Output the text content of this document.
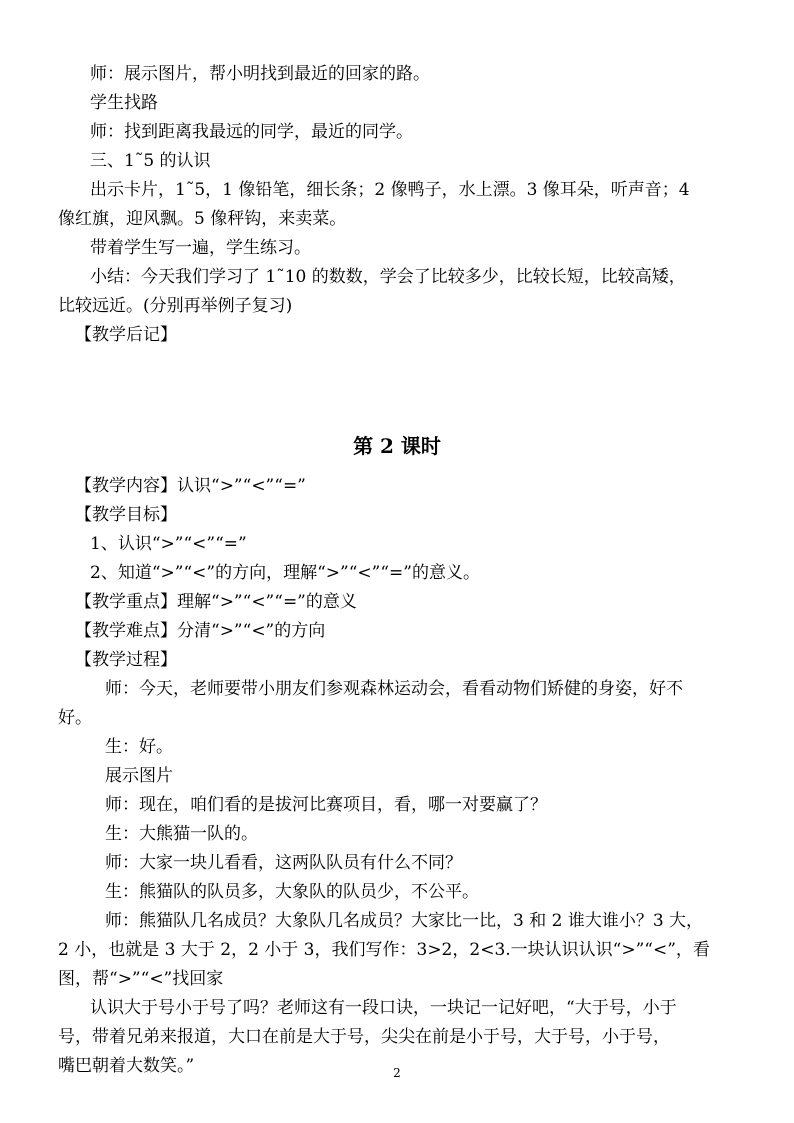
师：展示图片，帮小明找到最近的回家的路。
学生找路
师：找到距离我最远的同学，最近的同学。
三、1˜5 的认识
出示卡片，1˜5，1 像铅笔，细长条；2 像鸭子，水上漂。3 像耳朵，听声音；4
像红旗，迎风飘。5 像秤钩，来卖菜。
带着学生写一遍，学生练习。
小结：今天我们学习了 1˜10 的数数，学会了比较多少，比较长短，比较高矮，
比较远近。(分别再举例子复习)
【教学后记】
第 2 课时
【教学内容】认识“>”“<”“=”
【教学目标】
1、认识“>”“<”“=”
2、知道“>”“<”的方向，理解“>”“<”“=”的意义。
【教学重点】理解“>”“<”“=”的意义
【教学难点】分清“>”“<”的方向
【教学过程】
师：今天，老师要带小朋友们参观森林运动会，看看动物们矫健的身姿，好不
好。
生：好。
展示图片
师：现在，咱们看的是拔河比赛项目，看，哪一对要赢了？
生：大熊猫一队的。
师：大家一块儿看看，这两队队员有什么不同？
生：熊猫队的队员多，大象队的队员少，不公平。
师：熊猫队几名成员？大象队几名成员？大家比一比，3 和 2 谁大谁小？3 大，
2 小，也就是 3 大于 2，2 小于 3，我们写作：3>2，2<3.一块认识认识“>”“<”，看
图，帮“>”“<”找回家
认识大于号小于号了吗？老师这有一段口诀，一块记一记好吧，“大于号，小于
号，带着兄弟来报道，大口在前是大于号，尖尖在前是小于号，大于号，小于号，
嘴巴朝着大数笑。”	2
